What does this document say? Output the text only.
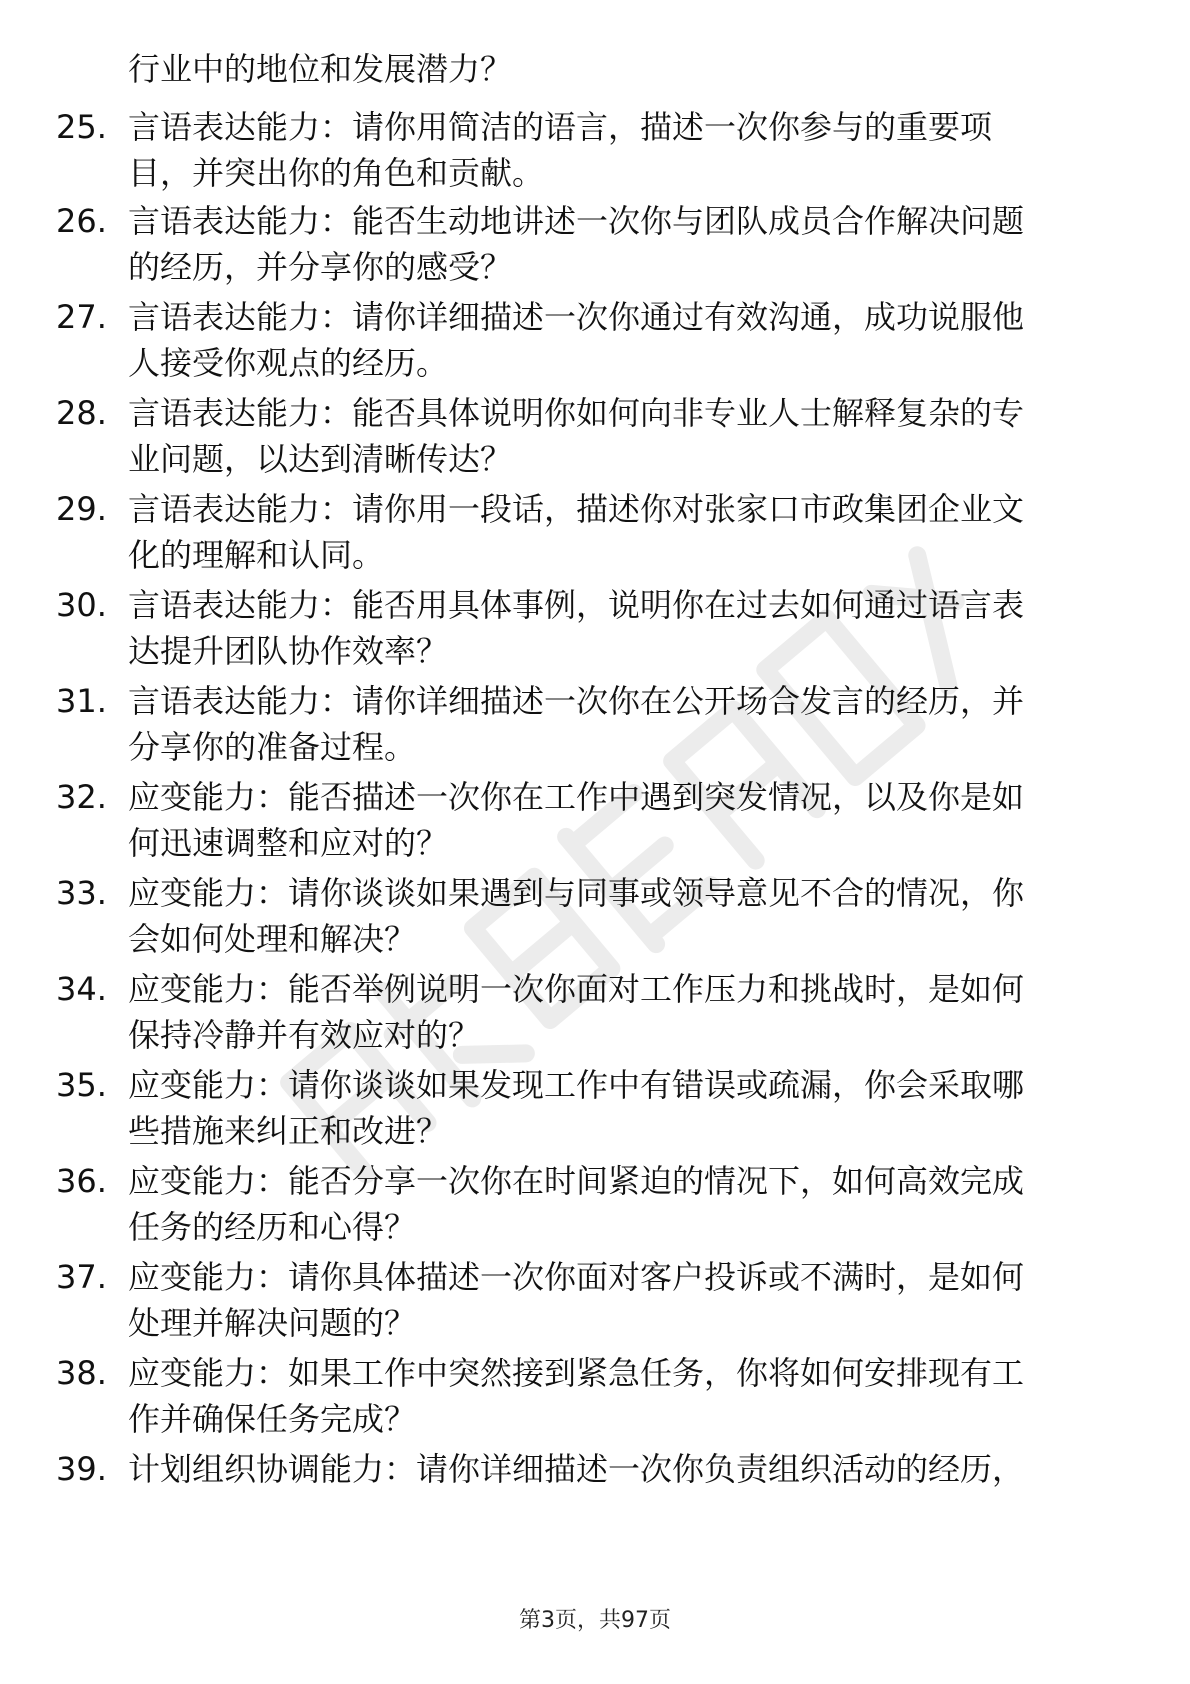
行业中的地位和发展潜力？
25. 言语表达能力：请你用简洁的语言，描述一次你参与的重要项
目，并突出你的角色和贡献。
26. 言语表达能力：能否生动地讲述一次你与团队成员合作解决问题
的经历，并分享你的感受？
27. 言语表达能力：请你详细描述一次你通过有效沟通，成功说服他
人接受你观点的经历。
28. 言语表达能力：能否具体说明你如何向非专业人士解释复杂的专
业问题，以达到清晰传达？
29. 言语表达能力：请你用一段话，描述你对张家口市政集团企业文
化的理解和认同。
30. 言语表达能力：能否用具体事例，说明你在过去如何通过语言表
达提升团队协作效率？
31. 言语表达能力：请你详细描述一次你在公开场合发言的经历，并
分享你的准备过程。
32. 应变能力：能否描述一次你在工作中遇到突发情况，以及你是如
何迅速调整和应对的？
33. 应变能力：请你谈谈如果遇到与同事或领导意见不合的情况，你
会如何处理和解决？
34. 应变能力：能否举例说明一次你面对工作压力和挑战时，是如何
保持冷静并有效应对的？
35. 应变能力：请你谈谈如果发现工作中有错误或疏漏，你会采取哪
些措施来纠正和改进？
36. 应变能力：能否分享一次你在时间紧迫的情况下，如何高效完成
任务的经历和心得？
37. 应变能力：请你具体描述一次你面对客户投诉或不满时，是如何
处理并解决问题的？
38. 应变能力：如果工作中突然接到紧急任务，你将如何安排现有工
作并确保任务完成？
39. 计划组织协调能力：请你详细描述一次你负责组织活动的经历，
第3页，共97页
